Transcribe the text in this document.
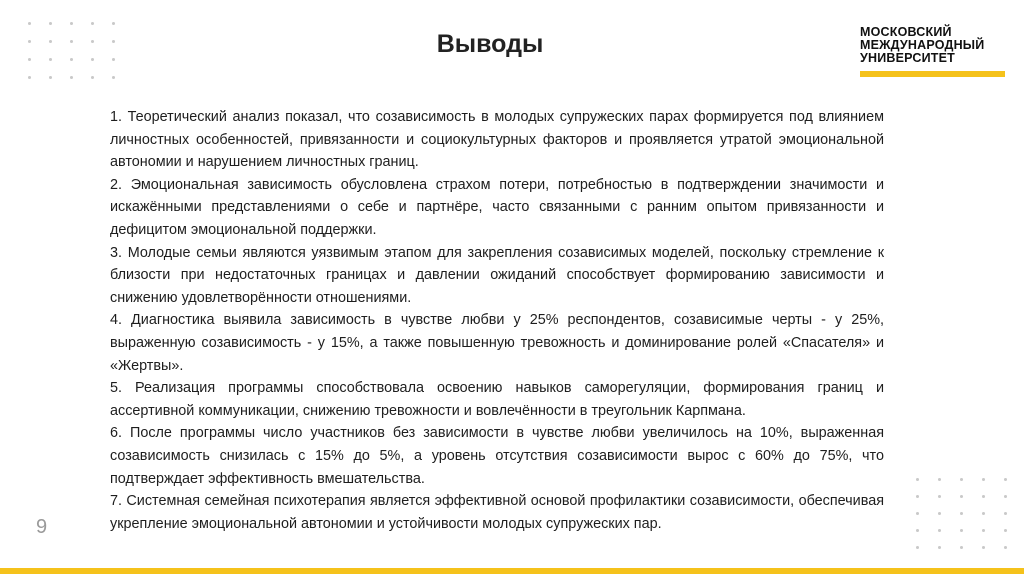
Выводы	МОСКОВСКИЙ
МЕЖДУНАРОДНЫЙ
УНИВЕРСИТЕТ

1. Теоретический анализ показал, что созависимость в молодых супружеских парах формируется под влиянием личностных особенностей, привязанности и социокультурных факторов и проявляется утратой эмоциональной автономии и нарушением личностных границ.

2. Эмоциональная зависимость обусловлена страхом потери, потребностью в подтверждении значимости и искажёнными представлениями о себе и партнёре, часто связанными с ранним опытом привязанности и дефицитом эмоциональной поддержки.

3. Молодые семьи являются уязвимым этапом для закрепления созависимых моделей, поскольку стремление к близости при недостаточных границах и давлении ожиданий способствует формированию зависимости и снижению удовлетворённости отношениями.

4. Диагностика выявила зависимость в чувстве любви у 25% респондентов, созависимые черты - у 25%, выраженную созависимость - у 15%, а также повышенную тревожность и доминирование ролей «Спасателя» и «Жертвы».

5. Реализация программы способствовала освоению навыков саморегуляции, формирования границ и ассертивной коммуникации, снижению тревожности и вовлечённости в треугольник Карпмана.

6. После программы число участников без зависимости в чувстве любви увеличилось на 10%, выраженная созависимость снизилась с 15% до 5%, а уровень отсутствия созависимости вырос с 60% до 75%, что подтверждает эффективность вмешательства.

7. Системная семейная психотерапия является эффективной основой профилактики созависимости, обеспечивая укрепление эмоциональной автономии и устойчивости молодых супружеских пар.

9
